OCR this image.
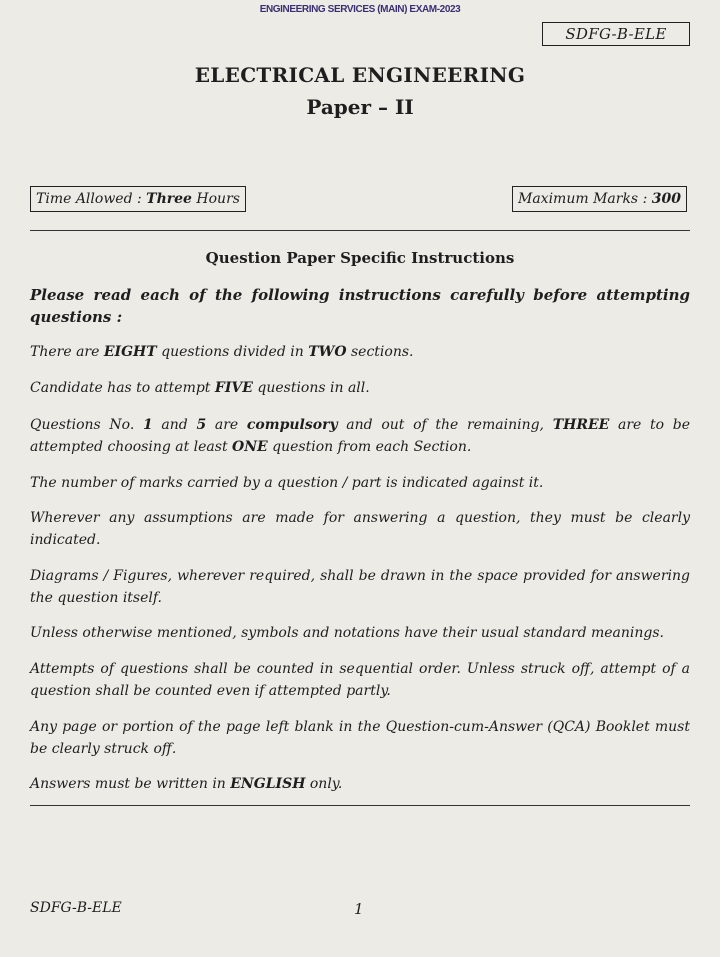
ENGINEERING SERVICES (MAIN) EXAM-2023
SDFG-B-ELE
ELECTRICAL ENGINEERING
Paper – II
Time Allowed : Three Hours	Maximum Marks : 300
Question Paper Specific Instructions
Please read each of the following instructions carefully before attempting questions :
There are EIGHT questions divided in TWO sections.
Candidate has to attempt FIVE questions in all.
Questions No. 1 and 5 are compulsory and out of the remaining, THREE are to be attempted choosing at least ONE question from each Section.
The number of marks carried by a question / part is indicated against it.
Wherever any assumptions are made for answering a question, they must be clearly indicated.
Diagrams / Figures, wherever required, shall be drawn in the space provided for answering the question itself.
Unless otherwise mentioned, symbols and notations have their usual standard meanings.
Attempts of questions shall be counted in sequential order. Unless struck off, attempt of a question shall be counted even if attempted partly.
Any page or portion of the page left blank in the Question-cum-Answer (QCA) Booklet must be clearly struck off.
Answers must be written in ENGLISH only.
SDFG-B-ELE	1
